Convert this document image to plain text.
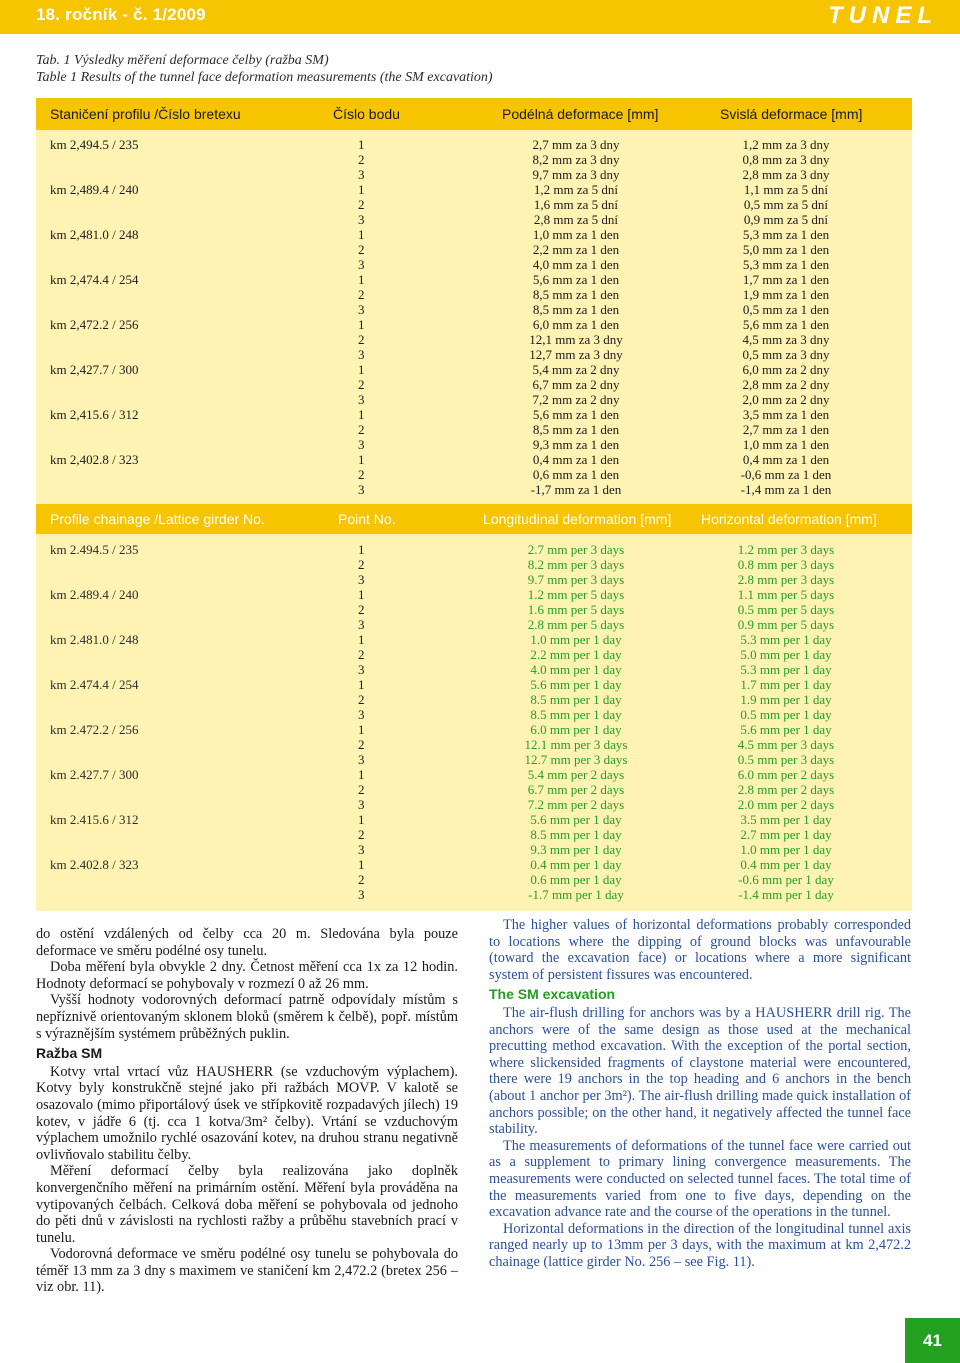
18. ročník - č. 1/2009	TUNEL
Tab. 1 Výsledky měření deformace čelby (ražba SM)
Table 1 Results of the tunnel face deformation measurements (the SM excavation)
Staničení profilu /Číslo bretexu	Číslo bodu	Podélná deformace [mm]	Svislá deformace [mm]
km 2,494.5 / 235	1	2,7 mm za 3 dny	1,2 mm za 3 dny
2	8,2 mm za 3 dny	0,8 mm za 3 dny
3	9,7 mm za 3 dny	2,8 mm za 3 dny
km 2,489.4 / 240	1	1,2 mm za 5 dní	1,1 mm za 5 dní
2	1,6 mm za 5 dní	0,5 mm za 5 dní
3	2,8 mm za 5 dní	0,9 mm za 5 dní
km 2,481.0 / 248	1	1,0 mm za 1 den	5,3 mm za 1 den
2	2,2 mm za 1 den	5,0 mm za 1 den
3	4,0 mm za 1 den	5,3 mm za 1 den
km 2,474.4 / 254	1	5,6 mm za 1 den	1,7 mm za 1 den
2	8,5 mm za 1 den	1,9 mm za 1 den
3	8,5 mm za 1 den	0,5 mm za 1 den
km 2,472.2 / 256	1	6,0 mm za 1 den	5,6 mm za 1 den
2	12,1 mm za 3 dny	4,5 mm za 3 dny
3	12,7 mm za 3 dny	0,5 mm za 3 dny
km 2,427.7 / 300	1	5,4 mm za 2 dny	6,0 mm za 2 dny
2	6,7 mm za 2 dny	2,8 mm za 2 dny
3	7,2 mm za 2 dny	2,0 mm za 2 dny
km 2,415.6 / 312	1	5,6 mm za 1 den	3,5 mm za 1 den
2	8,5 mm za 1 den	2,7 mm za 1 den
3	9,3 mm za 1 den	1,0 mm za 1 den
km 2,402.8 / 323	1	0,4 mm za 1 den	0,4 mm za 1 den
2	0,6 mm za 1 den	-0,6 mm za 1 den
3	-1,7 mm za 1 den	-1,4 mm za 1 den
Profile chainage /Lattice girder No.	Point No.	Longitudinal deformation [mm] Horizontal deformation [mm]
km 2.494.5 / 235	1	2.7 mm per 3 days	1.2 mm per 3 days
2	8.2 mm per 3 days	0.8 mm per 3 days
3	9.7 mm per 3 days	2.8 mm per 3 days
km 2.489.4 / 240	1	1.2 mm per 5 days	1.1 mm per 5 days
2	1.6 mm per 5 days	0.5 mm per 5 days
3	2.8 mm per 5 days	0.9 mm per 5 days
km 2.481.0 / 248	1	1.0 mm per 1 day	5.3 mm per 1 day
2	2.2 mm per 1 day	5.0 mm per 1 day
3	4.0 mm per 1 day	5.3 mm per 1 day
km 2.474.4 / 254	1	5.6 mm per 1 day	1.7 mm per 1 day
2	8.5 mm per 1 day	1.9 mm per 1 day
3	8.5 mm per 1 day	0.5 mm per 1 day
km 2.472.2 / 256	1	6.0 mm per 1 day	5.6 mm per 1 day
2	12.1 mm per 3 days	4.5 mm per 3 days
3	12.7 mm per 3 days	0.5 mm per 3 days
km 2.427.7 / 300	1	5.4 mm per 2 days	6.0 mm per 2 days
2	6.7 mm per 2 days	2.8 mm per 2 days
3	7.2 mm per 2 days	2.0 mm per 2 days
km 2.415.6 / 312	1	5.6 mm per 1 day	3.5 mm per 1 day
2	8.5 mm per 1 day	2.7 mm per 1 day
3	9.3 mm per 1 day	1.0 mm per 1 day
km 2.402.8 / 323	1	0.4 mm per 1 day	0.4 mm per 1 day
2	0.6 mm per 1 day	-0.6 mm per 1 day
3	-1.7 mm per 1 day	-1.4 mm per 1 day

do ostění vzdálených od čelby cca 20 m. Sledována byla pouze deformace ve směru podélné osy tunelu.

Doba měření byla obvykle 2 dny. Četnost měření cca 1x za 12 hodin. Hodnoty deformací se pohybovaly v rozmezí 0 až 26 mm.

Vyšší hodnoty vodorovných deformací patrně odpovídaly místům s nepříznivě orientovaným sklonem bloků (směrem k čelbě), popř. místům s výraznějším systémem průběžných puklin.

Ražba SM

Kotvy vrtal vrtací vůz HAUSHERR (se vzduchovým výplachem). Kotvy byly konstrukčně stejné jako při ražbách MOVP. V kalotě se osazovalo (mimo připortálový úsek ve střípkovitě rozpadavých jílech) 19 kotev, v jádře 6 (tj. cca 1 kotva/3m² čelby). Vrtání se vzduchovým výplachem umožnilo rychlé osazování kotev, na druhou stranu negativně ovlivňovalo stabilitu čelby.

Měření deformací čelby byla realizována jako doplněk konvergenčního měření na primárním ostění. Měření byla prováděna na vytipovaných čelbách. Celková doba měření se pohybovala od jednoho do pěti dnů v závislosti na rychlosti ražby a průběhu stavebních prací v tunelu.

Vodorovná deformace ve směru podélné osy tunelu se pohybovala do téměř 13 mm za 3 dny s maximem ve staničení km 2,472.2 (bretex 256 – viz obr. 11).

The higher values of horizontal deformations probably corresponded to locations where the dipping of ground blocks was unfavourable (toward the excavation face) or locations where a more significant system of persistent fissures was encountered.

The SM excavation

The air-flush drilling for anchors was by a HAUSHERR drill rig. The anchors were of the same design as those used at the mechanical precutting method excavation. With the exception of the portal section, where slickensided fragments of claystone material were encountered, there were 19 anchors in the top heading and 6 anchors in the bench (about 1 anchor per 3m²). The air-flush drilling made quick installation of anchors possible; on the other hand, it negatively affected the tunnel face stability.

The measurements of deformations of the tunnel face were carried out as a supplement to primary lining convergence measurements. The measurements were conducted on selected tunnel faces. The total time of the measurements varied from one to five days, depending on the excavation advance rate and the course of the operations in the tunnel.

Horizontal deformations in the direction of the longitudinal tunnel axis ranged nearly up to 13mm per 3 days, with the maximum at km 2,472.2 chainage (lattice girder No. 256 – see Fig. 11).

41
